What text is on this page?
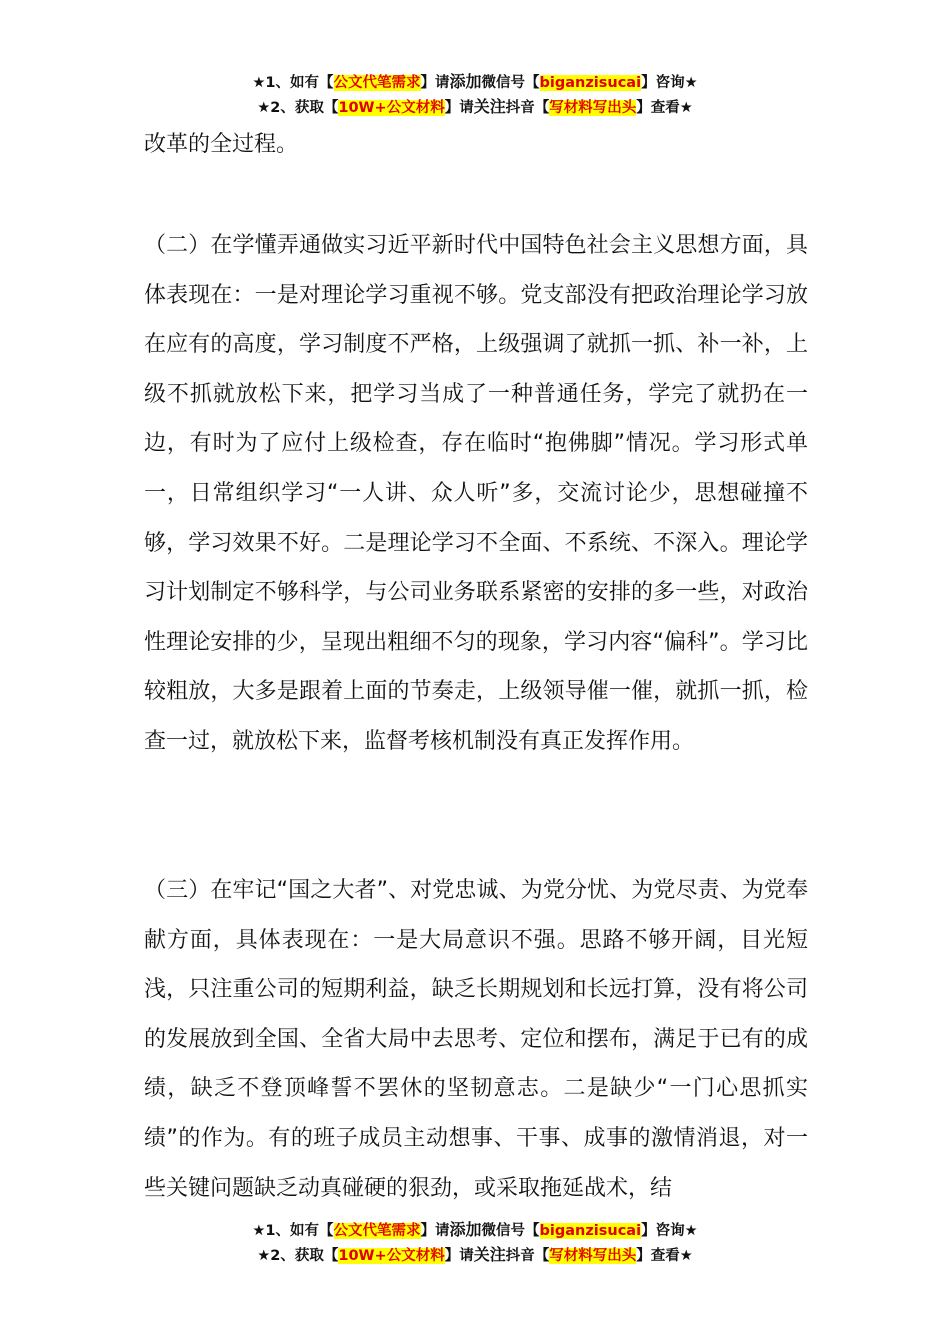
★1、如有【公文代笔需求】请添加微信号【biganzisucai】咨询★
★2、获取【10W+公文材料】请关注抖音【写材料写出头】查看★

改革的全过程。

（二）在学懂弄通做实习近平新时代中国特色社会主义思想方面，具体表现在：一是对理论学习重视不够。党支部没有把政治理论学习放在应有的高度，学习制度不严格，上级强调了就抓一抓、补一补，上级不抓就放松下来，把学习当成了一种普通任务，学完了就扔在一边，有时为了应付上级检查，存在临时“抱佛脚”情况。学习形式单一，日常组织学习“一人讲、众人听”多，交流讨论少，思想碰撞不够，学习效果不好。二是理论学习不全面、不系统、不深入。理论学习计划制定不够科学，与公司业务联系紧密的安排的多一些，对政治性理论安排的少，呈现出粗细不匀的现象，学习内容“偏科”。学习比较粗放，大多是跟着上面的节奏走，上级领导催一催，就抓一抓，检查一过，就放松下来，监督考核机制没有真正发挥作用。

（三）在牢记“国之大者”、对党忠诚、为党分忧、为党尽责、为党奉献方面，具体表现在：一是大局意识不强。思路不够开阔，目光短浅，只注重公司的短期利益，缺乏长期规划和长远打算，没有将公司的发展放到全国、全省大局中去思考、定位和摆布，满足于已有的成绩，缺乏不登顶峰誓不罢休的坚韧意志。二是缺少“一门心思抓实绩”的作为。有的班子成员主动想事、干事、成事的激情消退，对一些关键问题缺乏动真碰硬的狠劲，或采取拖延战术，结

★1、如有【公文代笔需求】请添加微信号【biganzisucai】咨询★
★2、获取【10W+公文材料】请关注抖音【写材料写出头】查看★
